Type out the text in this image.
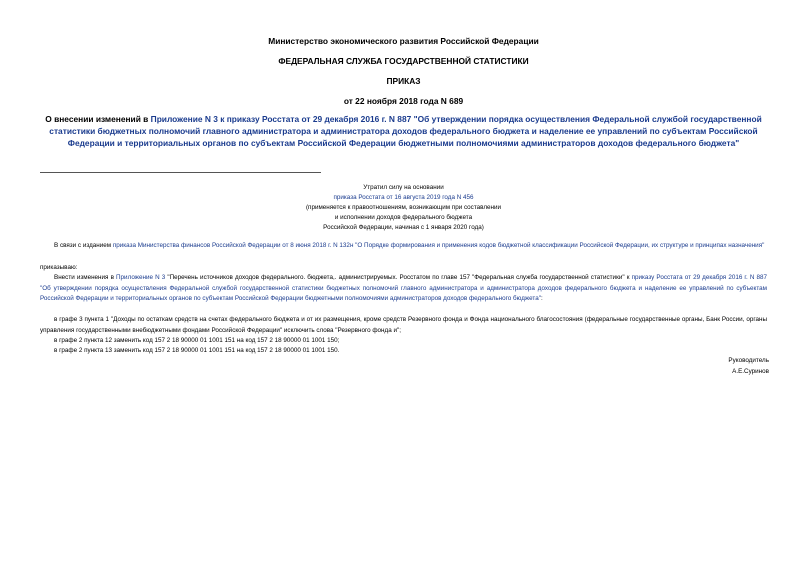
Министерство экономического развития Российской Федерации
ФЕДЕРАЛЬНАЯ СЛУЖБА ГОСУДАРСТВЕННОЙ СТАТИСТИКИ
ПРИКАЗ
от 22 ноября 2018 года N 689
О внесении изменений в Приложение N 3 к приказу Росстата от 29 декабря 2016 г. N 887 "Об утверждении порядка осуществления Федеральной службой государственной статистики бюджетных полномочий главного администратора и администратора доходов федерального бюджета и наделение ее управлений по субъектам Российской Федерации и территориальных органов по субъектам Российской Федерации бюджетными полномочиями администраторов доходов федерального бюджета"
Утратил силу на основании
приказа Росстата от 16 августа 2019 года N 456
(применяется к правоотношениям, возникающим при составлении
и исполнении доходов федерального бюджета
Российской Федерации, начиная с 1 января 2020 года)
В связи с изданием приказа Министерства финансов Российской Федерации от 8 июня 2018 г. N 132н "О Порядке формирования и применения кодов бюджетной классификации Российской Федерации, их структуре и принципах назначения"
приказываю:
Внести изменения в Приложение N 3 "Перечень источников доходов федерального. бюджета,. администрируемых. Росстатом по главе 157 "Федеральная служба государственной статистики" к приказу Росстата от 29 декабря 2016 г. N 887 "Об утверждении порядка осуществления Федеральной службой государственной статистики бюджетных полномочий главного администратора и администратора доходов федерального бюджета и наделение ее управлений по субъектам Российской Федерации и территориальных органов по субъектам Российской Федерации бюджетными полномочиями администраторов доходов федерального бюджета":
в графе 3 пункта 1 "Доходы по остаткам средств на счетах федерального бюджета и от их размещения, кроме средств Резервного фонда и Фонда национального благосостояния (федеральные государственные органы, Банк России, органы управления государственными внебюджетными фондами Российской Федерации" исключить слова "Резервного фонда и";
в графе 2 пункта 12 заменить код 157 2 18 90000 01 1001 151 на код 157 2 18 90000 01 1001 150;
в графе 2 пункта 13 заменить код 157 2 18 90000 01 1001 151 на код 157 2 18 90000 01 1001 150.
Руководитель
А.Е.Суринов
